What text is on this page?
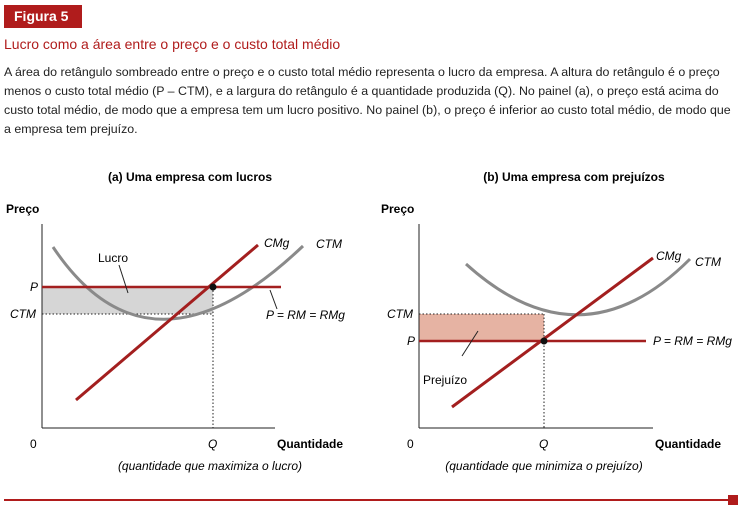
Figura 5
Lucro como a área entre o preço e o custo total médio
A área do retângulo sombreado entre o preço e o custo total médio representa o lucro da empresa. A altura do retângulo é o preço
menos o custo total médio (P – CTM), e a largura do retângulo é a quantidade produzida (Q). No painel (a), o preço está acima do
custo total médio, de modo que a empresa tem um lucro positivo. No painel (b), o preço é inferior ao custo total médio, de modo que
a empresa tem prejuízo.
(a) Uma empresa com lucros
Preço
Lucro
CMg CTM
P = RM = RMg
P
CTM
0	Q	Quantidade
(quantidade que maximiza o lucro)
(b) Uma empresa com prejuízos
Preço
Prejuízo
CMg CTM
P = RM = RMg
CTM
P
0	Q	Quantidade
(quantidade que minimiza o prejuízo)
